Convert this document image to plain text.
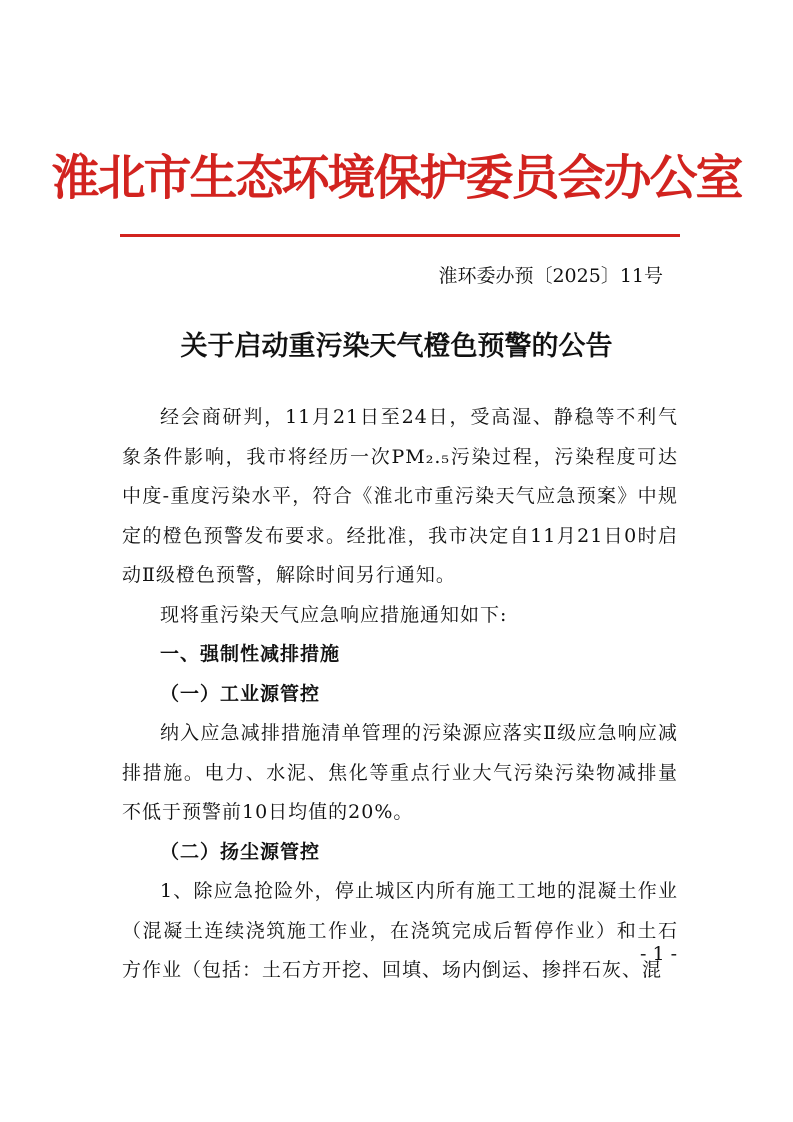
淮北市生态环境保护委员会办公室
淮环委办预〔2025〕11号
关于启动重污染天气橙色预警的公告

经会商研判，11月21日至24日，受高湿、静稳等不利气象条件影响，我市将经历一次PM₂.₅污染过程，污染程度可达中度-重度污染水平，符合《淮北市重污染天气应急预案》中规定的橙色预警发布要求。经批准，我市决定自11月21日0时启动Ⅱ级橙色预警，解除时间另行通知。

现将重污染天气应急响应措施通知如下:

一、强制性减排措施

（一）工业源管控

纳入应急减排措施清单管理的污染源应落实Ⅱ级应急响应减排措施。电力、水泥、焦化等重点行业大气污染污染物减排量不低于预警前10日均值的20%。

（二）扬尘源管控

1、除应急抢险外，停止城区内所有施工工地的混凝土作业（混凝土连续浇筑施工作业，在浇筑完成后暂停作业）和土石方作业（包括：土石方开挖、回填、场内倒运、掺拌石灰、混

- 1 -
